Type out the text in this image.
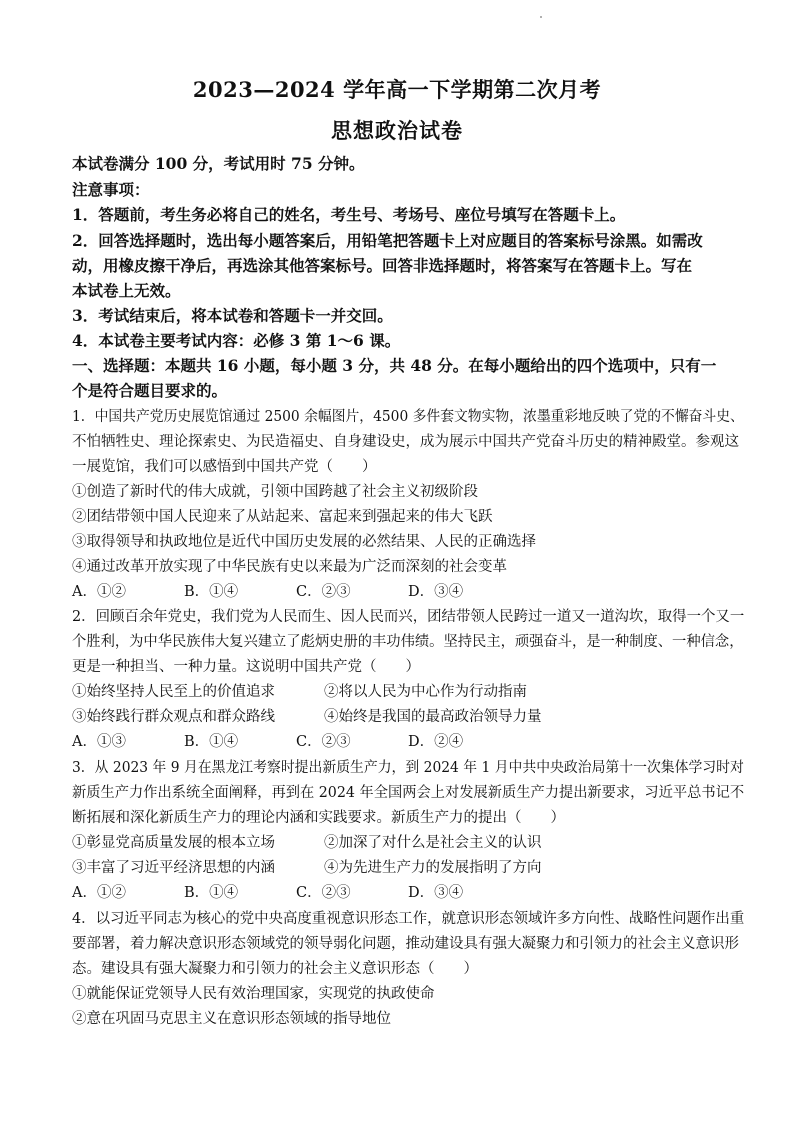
2023—2024 学年高一下学期第二次月考
思想政治试卷
本试卷满分 100 分，考试用时 75 分钟。
注意事项：
1．答题前，考生务必将自己的姓名，考生号、考场号、座位号填写在答题卡上。
2．回答选择题时，选出每小题答案后，用铅笔把答题卡上对应题目的答案标号涂黑。如需改
动，用橡皮擦干净后，再选涂其他答案标号。回答非选择题时，将答案写在答题卡上。写在
本试卷上无效。
3．考试结束后，将本试卷和答题卡一并交回。
4．本试卷主要考试内容：必修 3 第 1～6 课。
一、选择题：本题共 16 小题，每小题 3 分，共 48 分。在每小题给出的四个选项中，只有一
个是符合题目要求的。
1．中国共产党历史展览馆通过 2500 余幅图片，4500 多件套文物实物，浓墨重彩地反映了党的不懈奋斗史、
不怕牺牲史、理论探索史、为民造福史、自身建设史，成为展示中国共产党奋斗历史的精神殿堂。参观这
一展览馆，我们可以感悟到中国共产党（　　）
①创造了新时代的伟大成就，引领中国跨越了社会主义初级阶段
②团结带领中国人民迎来了从站起来、富起来到强起来的伟大飞跃
③取得领导和执政地位是近代中国历史发展的必然结果、人民的正确选择
④通过改革开放实现了中华民族有史以来最为广泛而深刻的社会变革
A．①②	B．①④	C．②③	D．③④
2．回顾百余年党史，我们党为人民而生、因人民而兴，团结带领人民跨过一道又一道沟坎，取得一个又一
个胜利，为中华民族伟大复兴建立了彪炳史册的丰功伟绩。坚持民主，顽强奋斗，是一种制度、一种信念，
更是一种担当、一种力量。这说明中国共产党（　　）
①始终坚持人民至上的价值追求	②将以人民为中心作为行动指南
③始终践行群众观点和群众路线	④始终是我国的最高政治领导力量
A．①③	B．①④	C．②③	D．②④
3．从 2023 年 9 月在黑龙江考察时提出新质生产力，到 2024 年 1 月中共中央政治局第十一次集体学习时对
新质生产力作出系统全面阐释，再到在 2024 年全国两会上对发展新质生产力提出新要求，习近平总书记不
断拓展和深化新质生产力的理论内涵和实践要求。新质生产力的提出（　　）
①彰显党高质量发展的根本立场	②加深了对什么是社会主义的认识
③丰富了习近平经济思想的内涵	④为先进生产力的发展指明了方向
A．①②	B．①④	C．②③	D．③④
4．以习近平同志为核心的党中央高度重视意识形态工作，就意识形态领域许多方向性、战略性问题作出重
要部署，着力解决意识形态领域党的领导弱化问题，推动建设具有强大凝聚力和引领力的社会主义意识形
态。建设具有强大凝聚力和引领力的社会主义意识形态（　　）
①就能保证党领导人民有效治理国家，实现党的执政使命
②意在巩固马克思主义在意识形态领域的指导地位
